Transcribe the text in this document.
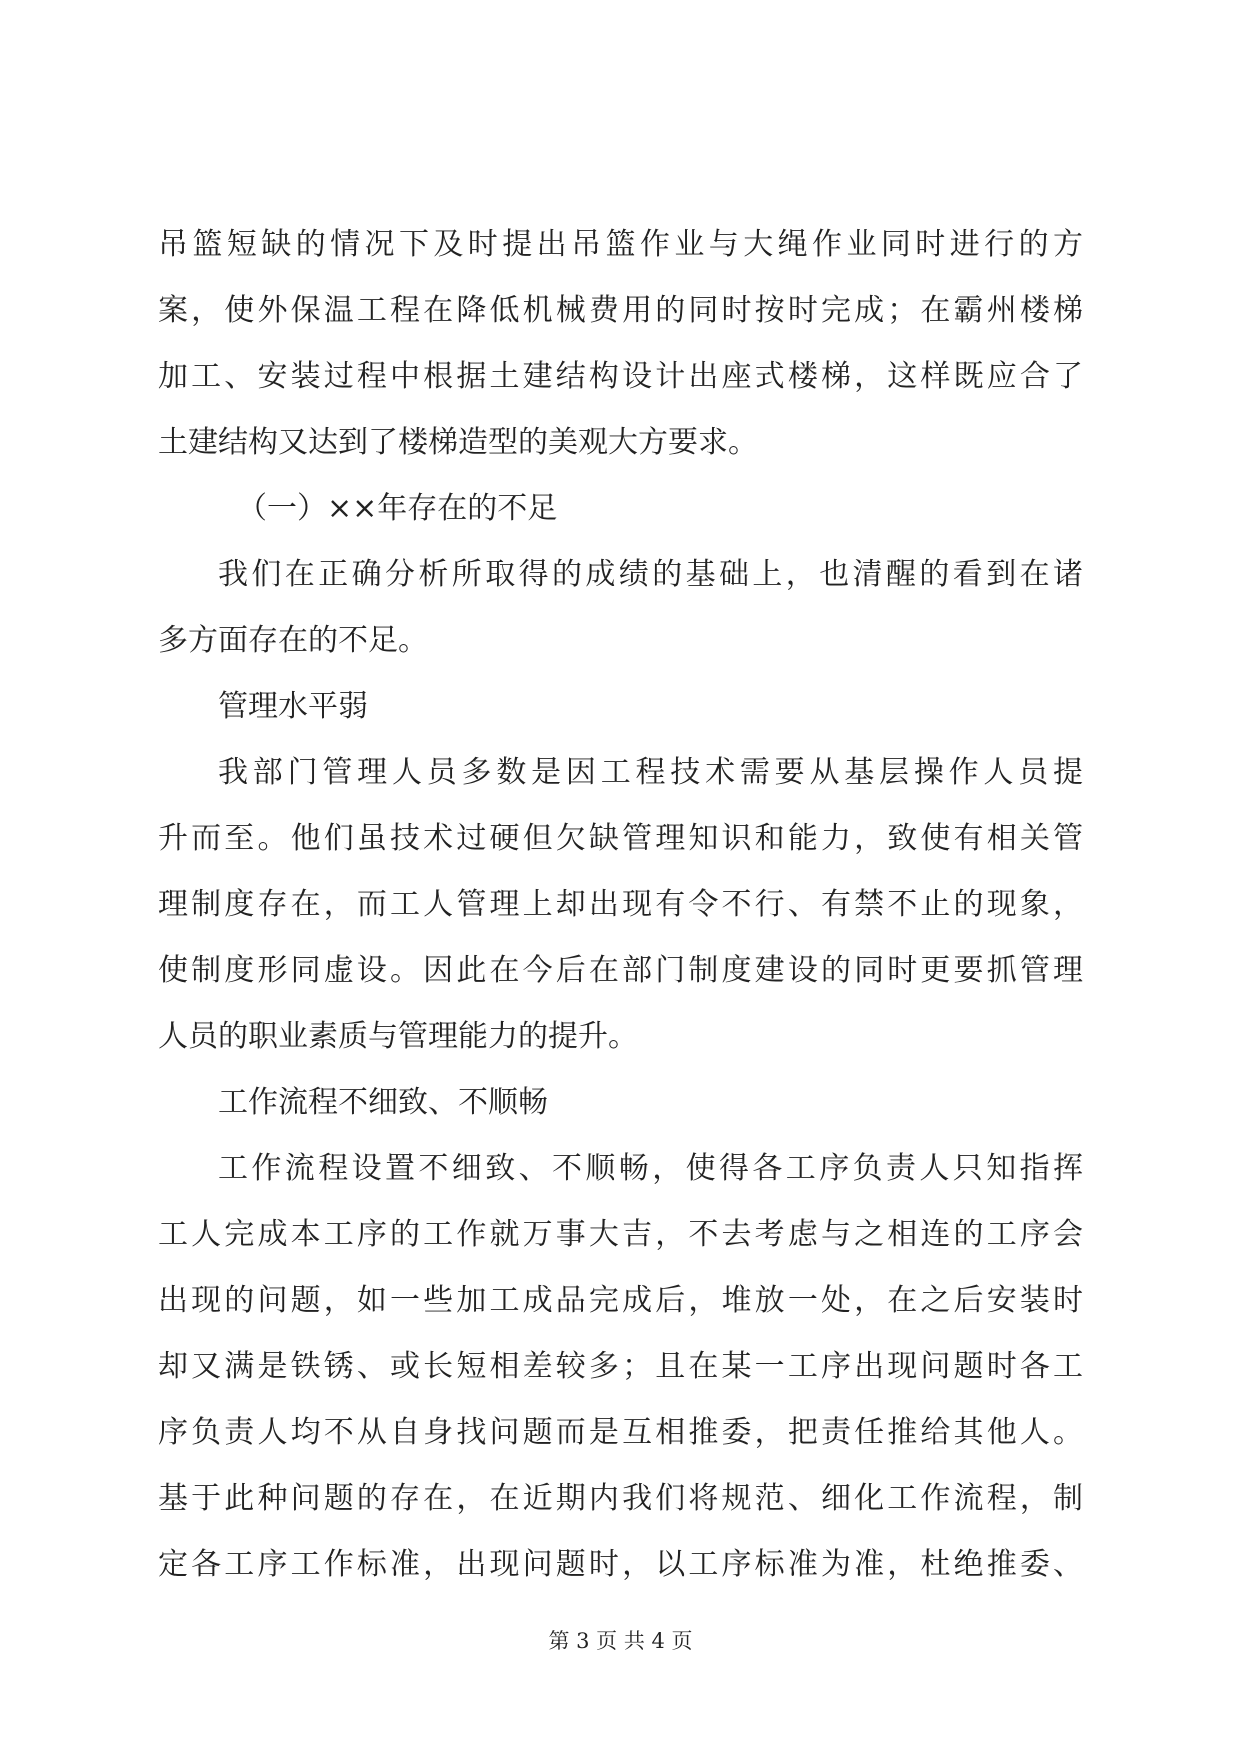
吊篮短缺的情况下及时提出吊篮作业与大绳作业同时进行的方
案，使外保温工程在降低机械费用的同时按时完成；在霸州楼梯
加工、安装过程中根据土建结构设计出座式楼梯，这样既应合了
土建结构又达到了楼梯造型的美观大方要求。
（一）××年存在的不足
我们在正确分析所取得的成绩的基础上，也清醒的看到在诸
多方面存在的不足。
管理水平弱
我部门管理人员多数是因工程技术需要从基层操作人员提
升而至。他们虽技术过硬但欠缺管理知识和能力，致使有相关管
理制度存在，而工人管理上却出现有令不行、有禁不止的现象，
使制度形同虚设。因此在今后在部门制度建设的同时更要抓管理
人员的职业素质与管理能力的提升。
工作流程不细致、不顺畅
工作流程设置不细致、不顺畅，使得各工序负责人只知指挥
工人完成本工序的工作就万事大吉，不去考虑与之相连的工序会
出现的问题，如一些加工成品完成后，堆放一处，在之后安装时
却又满是铁锈、或长短相差较多；且在某一工序出现问题时各工
序负责人均不从自身找问题而是互相推委，把责任推给其他人。
基于此种问题的存在，在近期内我们将规范、细化工作流程，制
定各工序工作标准，出现问题时，以工序标准为准，杜绝推委、
第 3 页 共 4 页
